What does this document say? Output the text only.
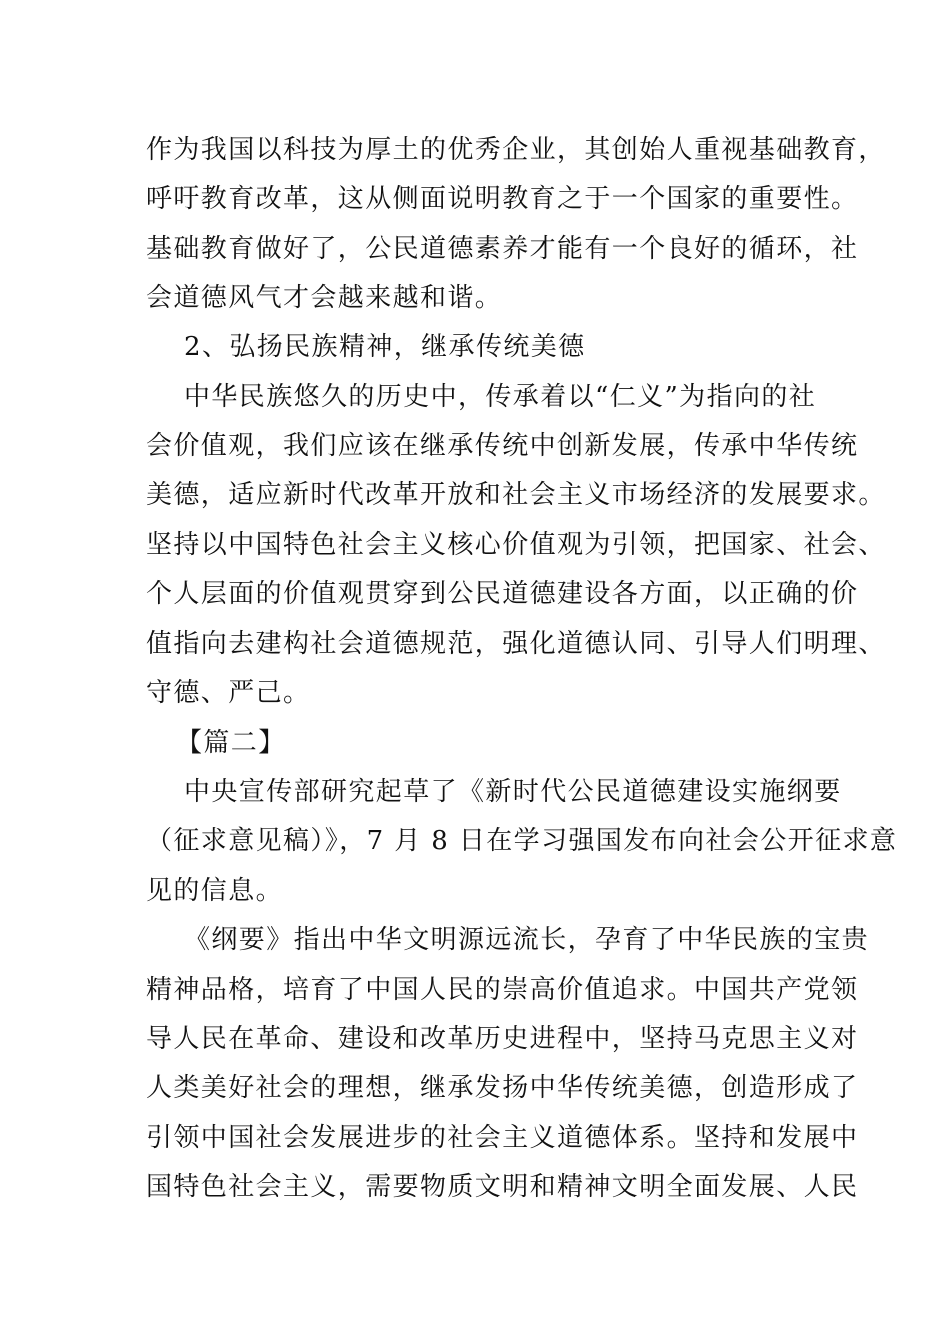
作为我国以科技为厚土的优秀企业，其创始人重视基础教育，
呼吁教育改革，这从侧面说明教育之于一个国家的重要性。
基础教育做好了，公民道德素养才能有一个良好的循环，社
会道德风气才会越来越和谐。
2、弘扬民族精神，继承传统美德
中华民族悠久的历史中，传承着以“仁义”为指向的社
会价值观，我们应该在继承传统中创新发展，传承中华传统
美德，适应新时代改革开放和社会主义市场经济的发展要求。
坚持以中国特色社会主义核心价值观为引领，把国家、社会、
个人层面的价值观贯穿到公民道德建设各方面，以正确的价
值指向去建构社会道德规范，强化道德认同、引导人们明理、
守德、严己。
【篇二】
中央宣传部研究起草了《新时代公民道德建设实施纲要
（征求意见稿）》，7 月 8 日在学习强国发布向社会公开征求意
见的信息。
《纲要》指出中华文明源远流长，孕育了中华民族的宝贵
精神品格，培育了中国人民的崇高价值追求。中国共产党领
导人民在革命、建设和改革历史进程中，坚持马克思主义对
人类美好社会的理想，继承发扬中华传统美德，创造形成了
引领中国社会发展进步的社会主义道德体系。坚持和发展中
国特色社会主义，需要物质文明和精神文明全面发展、人民
